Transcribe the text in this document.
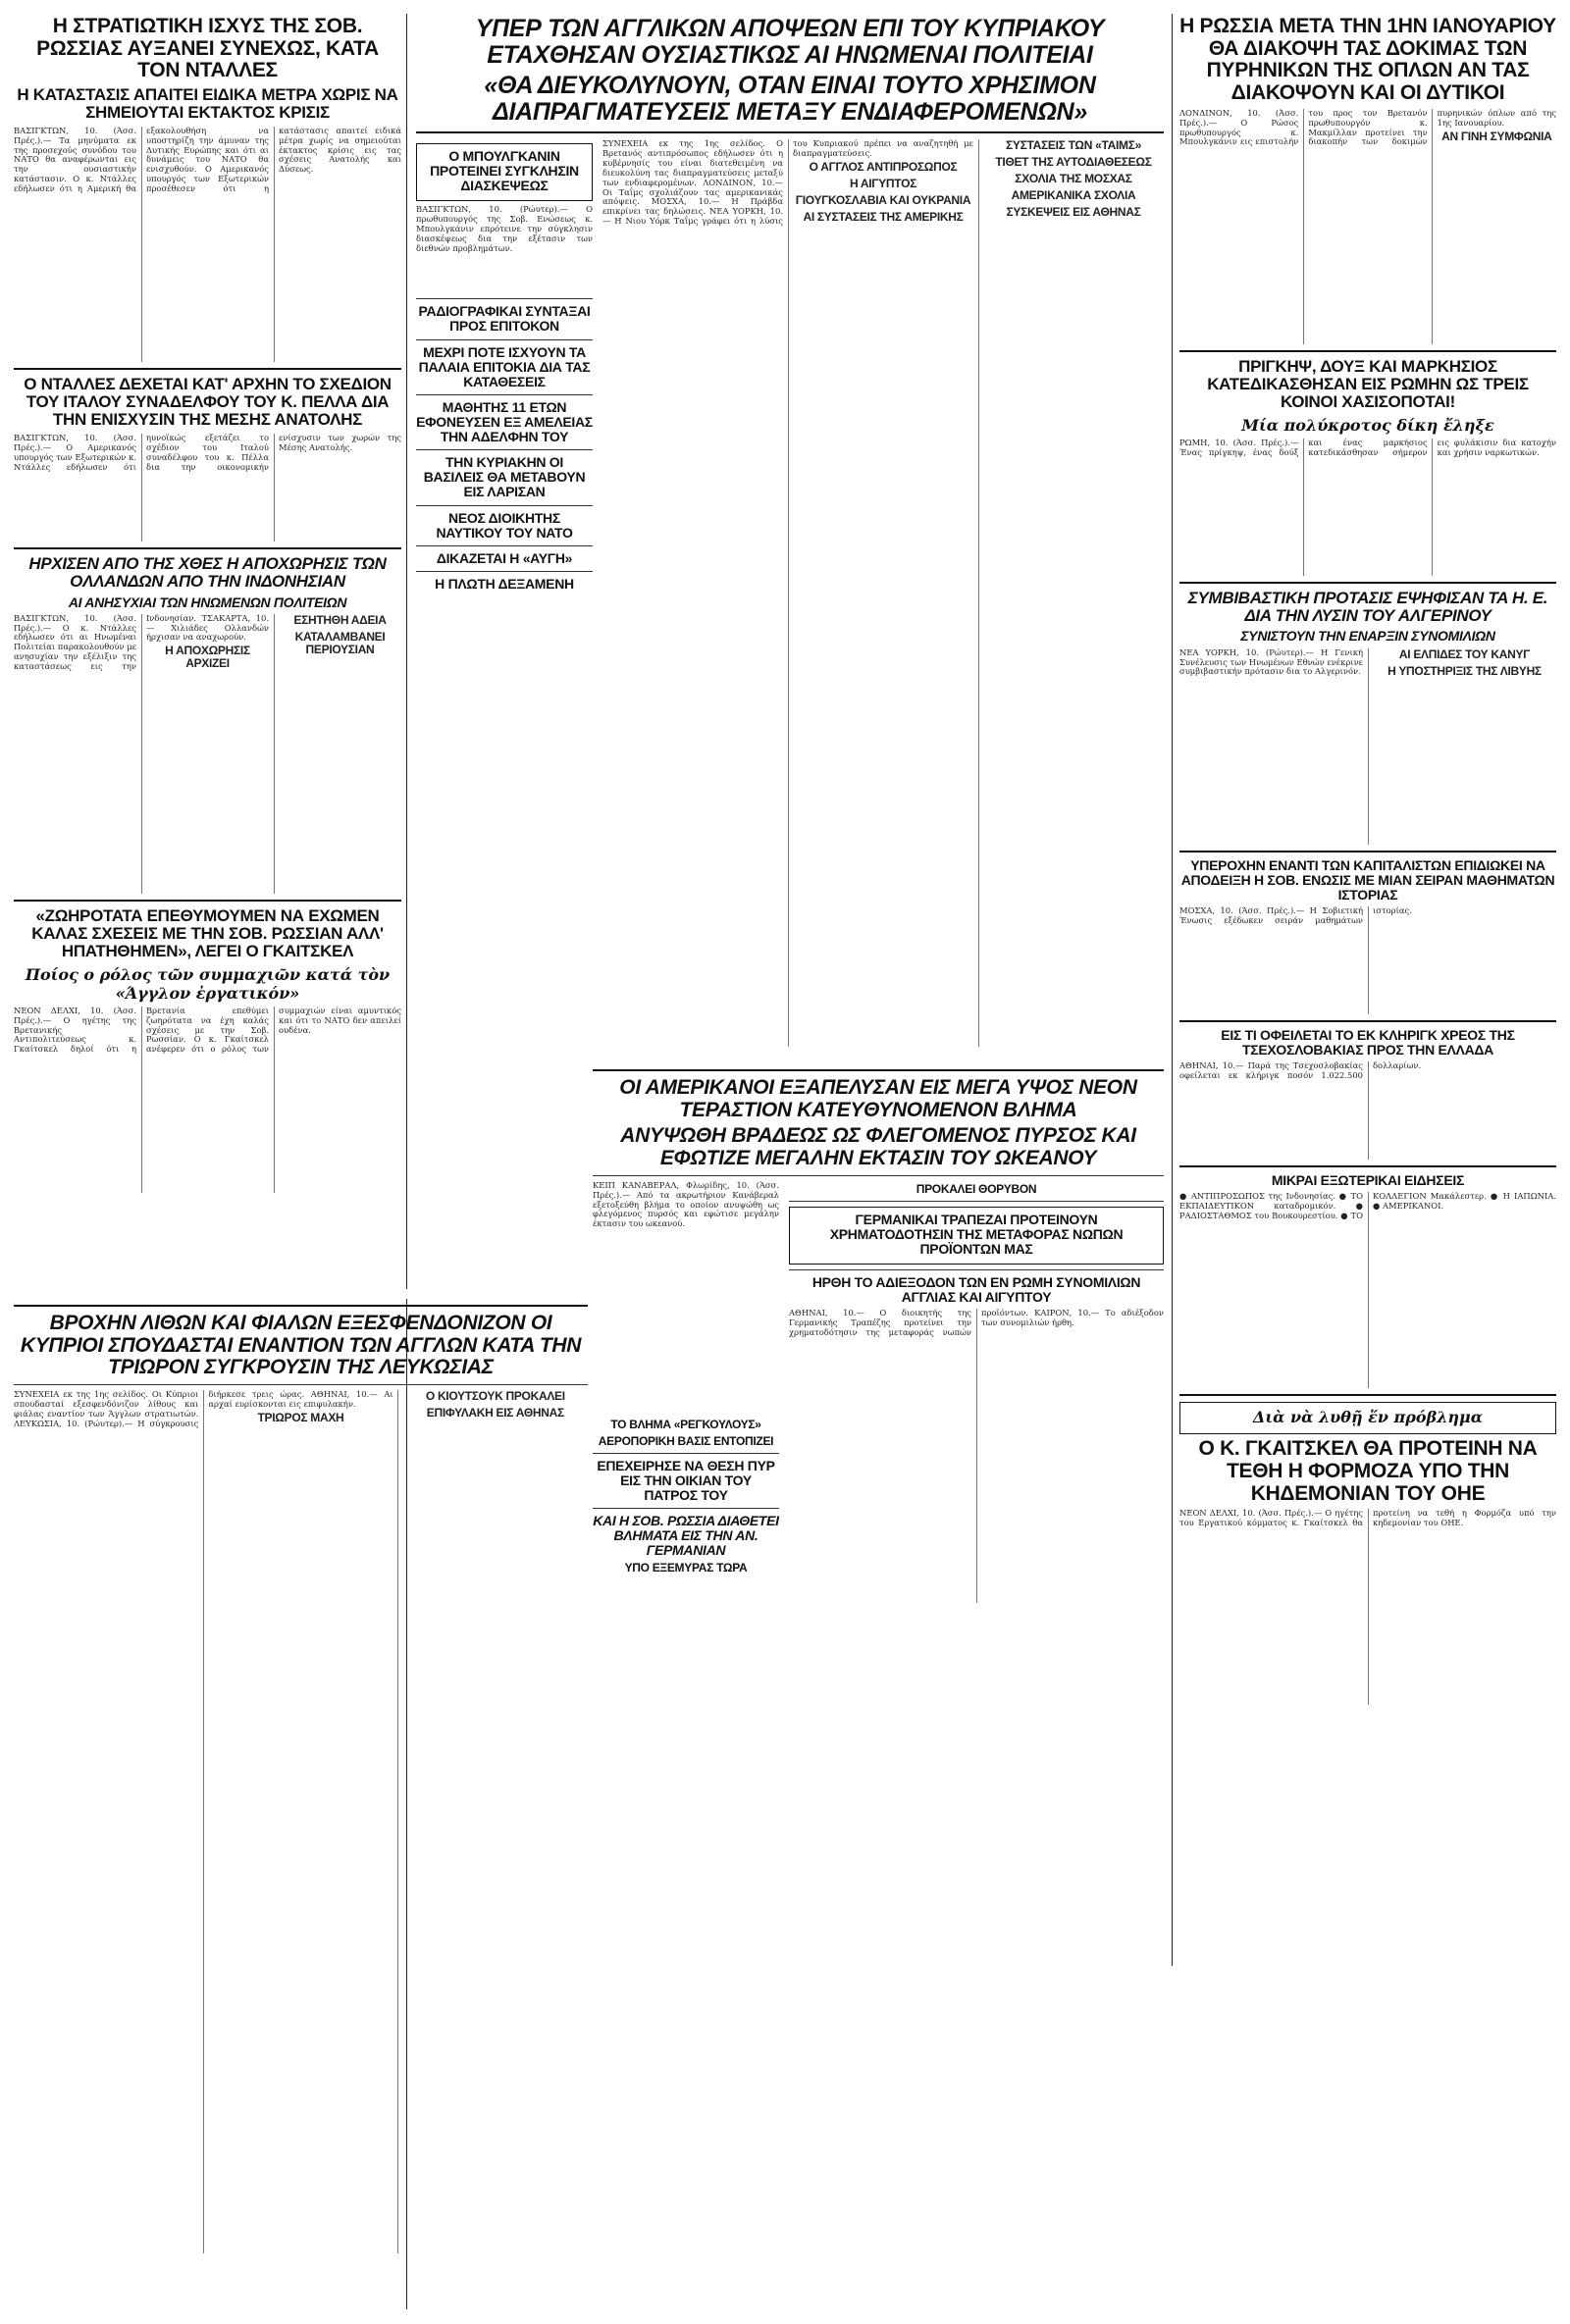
Η ΣΤΡΑΤΙΩΤΙΚΗ ΙΣΧΥΣ ΤΗΣ ΣΟΒ. ΡΩΣΣΙΑΣ ΑΥΞΑΝΕΙ ΣΥΝΕΧΩΣ, ΚΑΤΑ ΤΟΝ ΝΤΑΛΛΕΣ
Η ΚΑΤΑΣΤΑΣΙΣ ΑΠΑΙΤΕΙ ΕΙΔΙΚΑ ΜΕΤΡΑ ΧΩΡΙΣ ΝΑ ΣΗΜΕΙΟΥΤΑΙ ΕΚΤΑΚΤΟΣ ΚΡΙΣΙΣ
ΒΑΣΙΓΚΤΩΝ, 10. (Άσσ. Πρές.).— Τα μηνύματα εκ της προσεχούς συνόδου του ΝΑΤΟ θα αναφέρωνται εις την ουσιαστικήν κατάστασιν. Ο κ. Ντάλλες εδήλωσεν ότι η Αμερική θα εξακολουθήση να υποστηρίζη την άμυναν της Δυτικής Ευρώπης και ότι αι δυνάμεις του ΝΑΤΟ θα ενισχυθούν. Ο Αμερικανός υπουργός των Εξωτερικών προσέθεσεν ότι η κατάστασις απαιτεί ειδικά μέτρα χωρίς να σημειούται έκτακτος κρίσις εις τας σχέσεις Ανατολής και Δύσεως.
Ο ΝΤΑΛΛΕΣ ΔΕΧΕΤΑΙ ΚΑΤ' ΑΡΧΗΝ ΤΟ ΣΧΕΔΙΟΝ ΤΟΥ ΙΤΑΛΟΥ ΣΥΝΑΔΕΛΦΟΥ ΤΟΥ Κ. ΠΕΛΛΑ ΔΙΑ ΤΗΝ ΕΝΙΣΧΥΣΙΝ ΤΗΣ ΜΕΣΗΣ ΑΝΑΤΟΛΗΣ
ΒΑΣΙΓΚΤΩΝ, 10. (Άσσ. Πρές.).— Ο Αμερικανός υπουργός των Εξωτερικών κ. Ντάλλες εδήλωσεν ότι ηυνοϊκώς εξετάζει το σχέδιον του Ιταλού συναδέλφου του κ. Πέλλα δια την οικονομικήν ενίσχυσιν των χωρών της Μέσης Ανατολής.
ΗΡΧΙΣΕΝ ΑΠΟ ΤΗΣ ΧΘΕΣ Η ΑΠΟΧΩΡΗΣΙΣ ΤΩΝ ΟΛΛΑΝΔΩΝ ΑΠΟ ΤΗΝ ΙΝΔΟΝΗΣΙΑΝ
ΑΙ ΑΝΗΣΥΧΙΑΙ ΤΩΝ ΗΝΩΜΕΝΩΝ ΠΟΛΙΤΕΙΩΝ
ΒΑΣΙΓΚΤΩΝ, 10. (Άσσ. Πρές.).— Ο κ. Ντάλλες εδήλωσεν ότι αι Ηνωμέναι Πολιτείαι παρακολουθούν με ανησυχίαν την εξέλιξιν της καταστάσεως εις την Ινδονησίαν. ΤΣΑΚΑΡΤΑ, 10.— Χιλιάδες Ολλανδών ήρχισαν να αναχωρούν.
Η ΑΠΟΧΩΡΗΣΙΣ ΑΡΧΙΖΕΙ
ΕΣΗΤΗΘΗ ΑΔΕΙΑ
ΚΑΤΑΛΑΜΒΑΝΕΙ ΠΕΡΙΟΥΣΙΑΝ
«ΖΩΗΡΟΤΑΤΑ ΕΠΕΘΥΜΟΥΜΕΝ ΝΑ ΕΧΩΜΕΝ ΚΑΛΑΣ ΣΧΕΣΕΙΣ ΜΕ ΤΗΝ ΣΟΒ. ΡΩΣΣΙΑΝ ΑΛΛ' ΗΠΑΤΗΘΗΜΕΝ», ΛΕΓΕΙ Ο ΓΚΑΙΤΣΚΕΛ
Ποίος ο ρόλος τῶν συμμαχιῶν κατά τὸν «Άγγλον ἐργατικόν»
ΝΕΟΝ ΔΕΛΧΙ, 10. (Άσσ. Πρές.).— Ο ηγέτης της Βρετανικής Αντιπολιτεύσεως κ. Γκαίτσκελ δηλοί ότι η Βρετανία επεθύμει ζωηρότατα να έχη καλάς σχέσεις με την Σοβ. Ρωσσίαν. Ο κ. Γκαίτσκελ ανέφερεν ότι ο ρόλος των συμμαχιών είναι αμυντικός και ότι το ΝΑΤΟ δεν απειλεί ουδένα.
ΥΠΕΡ ΤΩΝ ΑΓΓΛΙΚΩΝ ΑΠΟΨΕΩΝ ΕΠΙ ΤΟΥ ΚΥΠΡΙΑΚΟΥ ΕΤΑΧΘΗΣΑΝ ΟΥΣΙΑΣΤΙΚΩΣ ΑΙ ΗΝΩΜΕΝΑΙ ΠΟΛΙΤΕΙΑΙ
«ΘΑ ΔΙΕΥΚΟΛΥΝΟΥΝ, ΟΤΑΝ ΕΙΝΑΙ ΤΟΥΤΟ ΧΡΗΣΙΜΟΝ ΔΙΑΠΡΑΓΜΑΤΕΥΣΕΙΣ ΜΕΤΑΞΥ ΕΝΔΙΑΦΕΡΟΜΕΝΩΝ»
Ο ΜΠΟΥΛΓΚΑΝΙΝ ΠΡΟΤΕΙΝΕΙ ΣΥΓΚΛΗΣΙΝ ΔΙΑΣΚΕΨΕΩΣ
ΒΑΣΙΓΚΤΩΝ, 10. (Ρώυτερ).— Ο πρωθυπουργός της Σοβ. Ενώσεως κ. Μπουλγκάνιν επρότεινε την σύγκλησιν διασκέψεως δια την εξέτασιν των διεθνών προβλημάτων.
ΡΑΔΙΟΓΡΑΦΙΚΑΙ ΣΥΝΤΑΞΑΙ ΠΡΟΣ ΕΠΙΤΟΚΟΝ
ΜΕΧΡΙ ΠΟΤΕ ΙΣΧΥΟΥΝ ΤΑ ΠΑΛΑΙΑ ΕΠΙΤΟΚΙΑ ΔΙΑ ΤΑΣ ΚΑΤΑΘΕΣΕΙΣ
ΜΑΘΗΤΗΣ 11 ΕΤΩΝ ΕΦΟΝΕΥΣΕΝ ΕΞ ΑΜΕΛΕΙΑΣ ΤΗΝ ΑΔΕΛΦΗΝ ΤΟΥ
ΤΗΝ ΚΥΡΙΑΚΗΝ ΟΙ ΒΑΣΙΛΕΙΣ ΘΑ ΜΕΤΑΒΟΥΝ ΕΙΣ ΛΑΡΙΣΑΝ
ΝΕΟΣ ΔΙΟΙΚΗΤΗΣ ΝΑΥΤΙΚΟΥ ΤΟΥ ΝΑΤΟ
ΔΙΚΑΖΕΤΑΙ Η «ΑΥΓΗ»
Η ΠΛΩΤΗ ΔΕΞΑΜΕΝΗ
ΣΥΝΕΧΕΙΑ εκ της 1ης σελίδος. Ο Βρετανός αντιπρόσωπος εδήλωσεν ότι η κυβέρνησίς του είναι διατεθειμένη να διευκολύνη τας διαπραγματεύσεις μεταξύ των ενδιαφερομένων. ΛΟΝΔΙΝΟΝ, 10.— Οι Ταΐμς σχολιάζουν τας αμερικανικάς απόψεις. ΜΟΣΧΑ, 10.— Η Πράβδα επικρίνει τας δηλώσεις. ΝΕΑ ΥΟΡΚΗ, 10.— Η Νιου Υόρκ Ταΐμς γράφει ότι η λύσις του Κυπριακού πρέπει να αναζητηθή με διαπραγματεύσεις.
Ο ΑΓΓΛΟΣ ΑΝΤΙΠΡΟΣΩΠΟΣ
Η ΑΙΓΥΠΤΟΣ
ΓΙΟΥΓΚΟΣΛΑΒΙΑ ΚΑΙ ΟΥΚΡΑΝΙΑ
ΑΙ ΣΥΣΤΑΣΕΙΣ ΤΗΣ ΑΜΕΡΙΚΗΣ
ΣΥΣΤΑΣΕΙΣ ΤΩΝ «ΤΑΙΜΣ»
ΤΙΘΕΤ ΤΗΣ ΑΥΤΟΔΙΑΘΕΣΕΩΣ
ΣΧΟΛΙΑ ΤΗΣ ΜΟΣΧΑΣ
ΑΜΕΡΙΚΑΝΙΚΑ ΣΧΟΛΙΑ
ΣΥΣΚΕΨΕΙΣ ΕΙΣ ΑΘΗΝΑΣ
ΟΙ ΑΜΕΡΙΚΑΝΟΙ ΕΞΑΠΕΛΥΣΑΝ ΕΙΣ ΜΕΓΑ ΥΨΟΣ ΝΕΟΝ ΤΕΡΑΣΤΙΟΝ ΚΑΤΕΥΘΥΝΟΜΕΝΟΝ ΒΛΗΜΑ
ΑΝΥΨΩΘΗ ΒΡΑΔΕΩΣ ΩΣ ΦΛΕΓΟΜΕΝΟΣ ΠΥΡΣΟΣ ΚΑΙ ΕΦΩΤΙΖΕ ΜΕΓΑΛΗΝ ΕΚΤΑΣΙΝ ΤΟΥ ΩΚΕΑΝΟΥ
ΚΕΙΠ ΚΑΝΑΒΕΡΑΛ, Φλωρίδης, 10. (Άσσ. Πρές.).— Από τα ακρωτήριον Κανάβεραλ εξετοξεύθη βλήμα το οποίον ανυψώθη ως φλεγόμενος πυρσός και εφώτισε μεγάλην έκτασιν του ωκεανού.
ΤΟ ΒΛΗΜΑ «ΡΕΓΚΟΥΛΟΥΣ»
ΑΕΡΟΠΟΡΙΚΗ ΒΑΣΙΣ ΕΝΤΟΠΙΖΕΙ
ΕΠΕΧΕΙΡΗΣΕ ΝΑ ΘΕΣΗ ΠΥΡ ΕΙΣ ΤΗΝ ΟΙΚΙΑΝ ΤΟΥ ΠΑΤΡΟΣ ΤΟΥ
ΚΑΙ Η ΣΟΒ. ΡΩΣΣΙΑ ΔΙΑΘΕΤΕΙ ΒΛΗΜΑΤΑ ΕΙΣ ΤΗΝ ΑΝ. ΓΕΡΜΑΝΙΑΝ
ΥΠΟ ΕΞΕΜΥΡΑΣ ΤΩΡΑ
ΠΡΟΚΑΛΕΙ ΘΟΡΥΒΟΝ
ΓΕΡΜΑΝΙΚΑΙ ΤΡΑΠΕΖΑΙ ΠΡΟΤΕΙΝΟΥΝ ΧΡΗΜΑΤΟΔΟΤΗΣΙΝ ΤΗΣ ΜΕΤΑΦΟΡΑΣ ΝΩΠΩΝ ΠΡΟΪΟΝΤΩΝ ΜΑΣ
ΗΡΘΗ ΤΟ ΑΔΙΕΞΟΔΟΝ ΤΩΝ ΕΝ ΡΩΜΗ ΣΥΝΟΜΙΛΙΩΝ ΑΓΓΛΙΑΣ ΚΑΙ ΑΙΓΥΠΤΟΥ
ΑΘΗΝΑΙ, 10.— Ο διοικητής της Γερμανικής Τραπέζης προτείνει την χρηματοδότησιν της μεταφοράς νωπών προϊόντων. ΚΑΪΡΟΝ, 10.— Το αδιέξοδον των συνομιλιών ήρθη.
ΒΡΟΧΗΝ ΛΙΘΩΝ ΚΑΙ ΦΙΑΛΩΝ ΕΞΕΣΦΕΝΔΟΝΙΖΟΝ ΟΙ ΚΥΠΡΙΟΙ ΣΠΟΥΔΑΣΤΑΙ ΕΝΑΝΤΙΟΝ ΤΩΝ ΑΓΓΛΩΝ ΚΑΤΑ ΤΗΝ ΤΡΙΩΡΟΝ ΣΥΓΚΡΟΥΣΙΝ ΤΗΣ ΛΕΥΚΩΣΙΑΣ
ΣΥΝΕΧΕΙΑ εκ της 1ης σελίδος. Οι Κύπριοι σπουδασταί εξεσφενδόνιζον λίθους και φιάλας εναντίον των Άγγλων στρατιωτών. ΛΕΥΚΩΣΙΑ, 10. (Ρώυτερ).— Η σύγκρουσις διήρκεσε τρεις ώρας. ΑΘΗΝΑΙ, 10.— Αι αρχαί ευρίσκονται εις επιφυλακήν.
ΤΡΙΩΡΟΣ ΜΑΧΗ
Ο ΚΙΟΥΤΣΟΥΚ ΠΡΟΚΑΛΕΙ
ΕΠΙΦΥΛΑΚΗ ΕΙΣ ΑΘΗΝΑΣ
Η ΡΩΣΣΙΑ ΜΕΤΑ ΤΗΝ 1ΗΝ ΙΑΝΟΥΑΡΙΟΥ ΘΑ ΔΙΑΚΟΨΗ ΤΑΣ ΔΟΚΙΜΑΣ ΤΩΝ ΠΥΡΗΝΙΚΩΝ ΤΗΣ ΟΠΛΩΝ ΑΝ ΤΑΣ ΔΙΑΚΟΨΟΥΝ ΚΑΙ ΟΙ ΔΥΤΙΚΟΙ
ΛΟΝΔΙΝΟΝ, 10. (Άσσ. Πρές.).— Ο Ρώσος πρωθυπουργός κ. Μπουλγκάνιν εις επιστολήν του προς τον Βρετανόν πρωθυπουργόν κ. Μακμίλλαν προτείνει την διακοπήν των δοκιμών πυρηνικών όπλων από της 1ης Ιανουαρίου.
ΑΝ ΓΙΝΗ ΣΥΜΦΩΝΙΑ
ΠΡΙΓΚΗΨ, ΔΟΥΞ ΚΑΙ ΜΑΡΚΗΣΙΟΣ ΚΑΤΕΔΙΚΑΣΘΗΣΑΝ ΕΙΣ ΡΩΜΗΝ ΩΣ ΤΡΕΙΣ ΚΟΙΝΟΙ ΧΑΣΙΣΟΠΟΤΑΙ!
Μία πολύκροτος δίκη ἔληξε
ΡΩΜΗ, 10. (Άσσ. Πρές.).— Ένας πρίγκηψ, ένας δούξ και ένας μαρκήσιος κατεδικάσθησαν σήμερον εις φυλάκισιν δια κατοχήν και χρήσιν ναρκωτικών.
ΣΥΜΒΙΒΑΣΤΙΚΗ ΠΡΟΤΑΣΙΣ ΕΨΗΦΙΣΑΝ ΤΑ Η. Ε. ΔΙΑ ΤΗΝ ΛΥΣΙΝ ΤΟΥ ΑΛΓΕΡΙΝΟΥ
ΣΥΝΙΣΤΟΥΝ ΤΗΝ ΕΝΑΡΞΙΝ ΣΥΝΟΜΙΛΙΩΝ
ΝΕΑ ΥΟΡΚΗ, 10. (Ρώυτερ).— Η Γενική Συνέλευσις των Ηνωμένων Εθνών ενέκρινε συμβιβαστικήν πρότασιν δια το Αλγερινόν.
ΑΙ ΕΛΠΙΔΕΣ ΤΟΥ ΚΑΝΥΓ
Η ΥΠΟΣΤΗΡΙΞΙΣ ΤΗΣ ΛΙΒΥΗΣ
ΥΠΕΡΟΧΗΝ ΕΝΑΝΤΙ ΤΩΝ ΚΑΠΙΤΑΛΙΣΤΩΝ ΕΠΙΔΙΩΚΕΙ ΝΑ ΑΠΟΔΕΙΞΗ Η ΣΟΒ. ΕΝΩΣΙΣ ΜΕ ΜΙΑΝ ΣΕΙΡΑΝ ΜΑΘΗΜΑΤΩΝ ΙΣΤΟΡΙΑΣ
ΜΟΣΧΑ, 10. (Άσσ. Πρές.).— Η Σοβιετική Ένωσις εξέδωκεν σειράν μαθημάτων ιστορίας.
ΕΙΣ ΤΙ ΟΦΕΙΛΕΤΑΙ ΤΟ ΕΚ ΚΛΗΡΙΓΚ ΧΡΕΟΣ ΤΗΣ ΤΣΕΧΟΣΛΟΒΑΚΙΑΣ ΠΡΟΣ ΤΗΝ ΕΛΛΑΔΑ
ΑΘΗΝΑΙ, 10.— Παρά της Τσεχοσλοβακίας οφείλεται εκ κλήριγκ ποσόν 1.022.500 δολλαρίων.
ΜΙΚΡΑΙ ΕΞΩΤΕΡΙΚΑΙ ΕΙΔΗΣΕΙΣ
● ΑΝΤΙΠΡΟΣΩΠΟΣ της Ινδονησίας. ● ΤΟ ΕΚΠΑΙΔΕΥΤΙΚΟΝ καταδρομικόν. ● ΡΑΔΙΟΣΤΑΘΜΟΣ του Βουκουρεστίου. ● ΤΟ ΚΟΛΛΕΓΙΟΝ Μακάλεστερ. ● Η ΙΑΠΩΝΙΑ. ● ΑΜΕΡΙΚΑΝΟΙ.
Διὰ νὰ λυθῇ ἕν πρόβλημα
Ο Κ. ΓΚΑΙΤΣΚΕΛ ΘΑ ΠΡΟΤΕΙΝΗ ΝΑ ΤΕΘΗ Η ΦΟΡΜΟΖΑ ΥΠΟ ΤΗΝ ΚΗΔΕΜΟΝΙΑΝ ΤΟΥ ΟΗΕ
ΝΕΟΝ ΔΕΛΧΙ, 10. (Άσσ. Πρές.).— Ο ηγέτης του Εργατικού κόμματος κ. Γκαίτσκελ θα προτείνη να τεθή η Φορμόζα υπό την κηδεμονίαν του ΟΗΕ.
